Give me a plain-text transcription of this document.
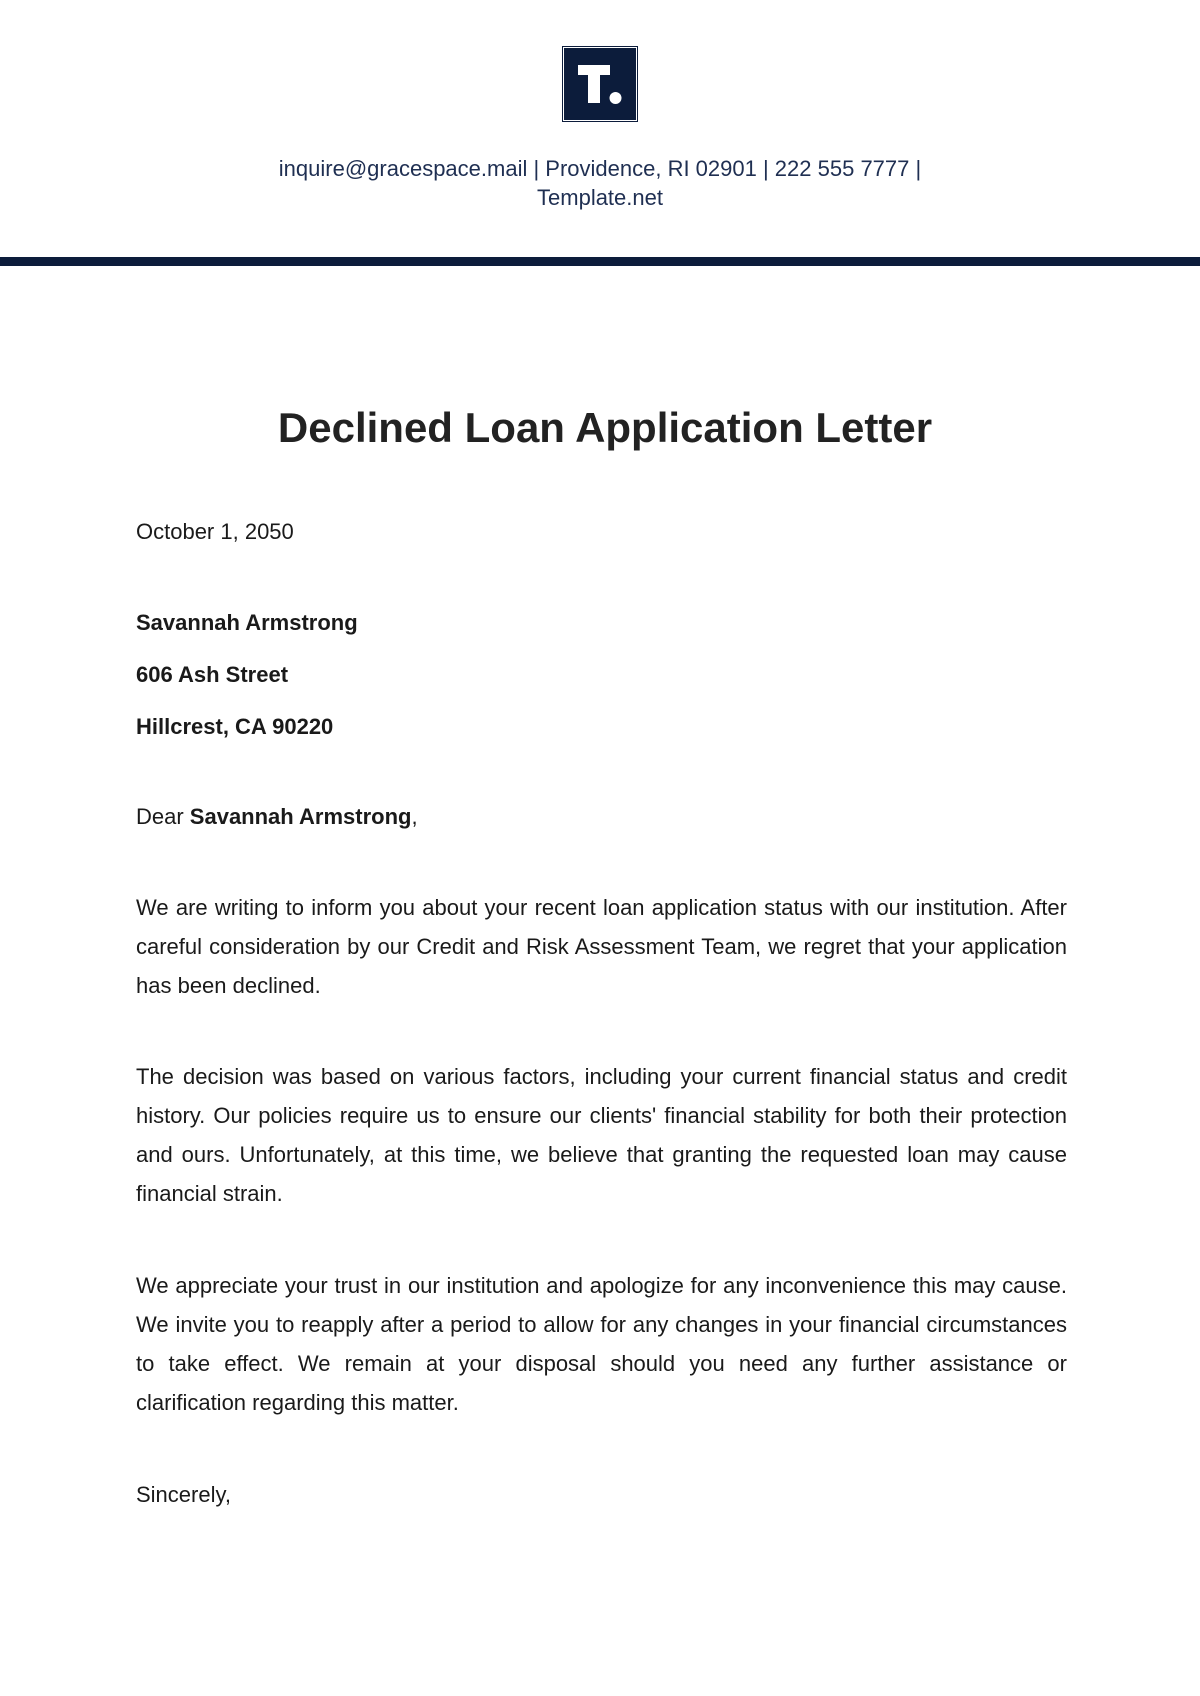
inquire@gracespace.mail | Providence, RI 02901 | 222 555 7777 |
Template.net
Declined Loan Application Letter
October 1, 2050
Savannah Armstrong
606 Ash Street
Hillcrest, CA 90220
Dear Savannah Armstrong,
We are writing to inform you about your recent loan application status with our institution. After careful consideration by our Credit and Risk Assessment Team, we regret that your application has been declined.
The decision was based on various factors, including your current financial status and credit history. Our policies require us to ensure our clients' financial stability for both their protection and ours. Unfortunately, at this time, we believe that granting the requested loan may cause financial strain.
We appreciate your trust in our institution and apologize for any inconvenience this may cause. We invite you to reapply after a period to allow for any changes in your financial circumstances to take effect. We remain at your disposal should you need any further assistance or clarification regarding this matter.
Sincerely,
